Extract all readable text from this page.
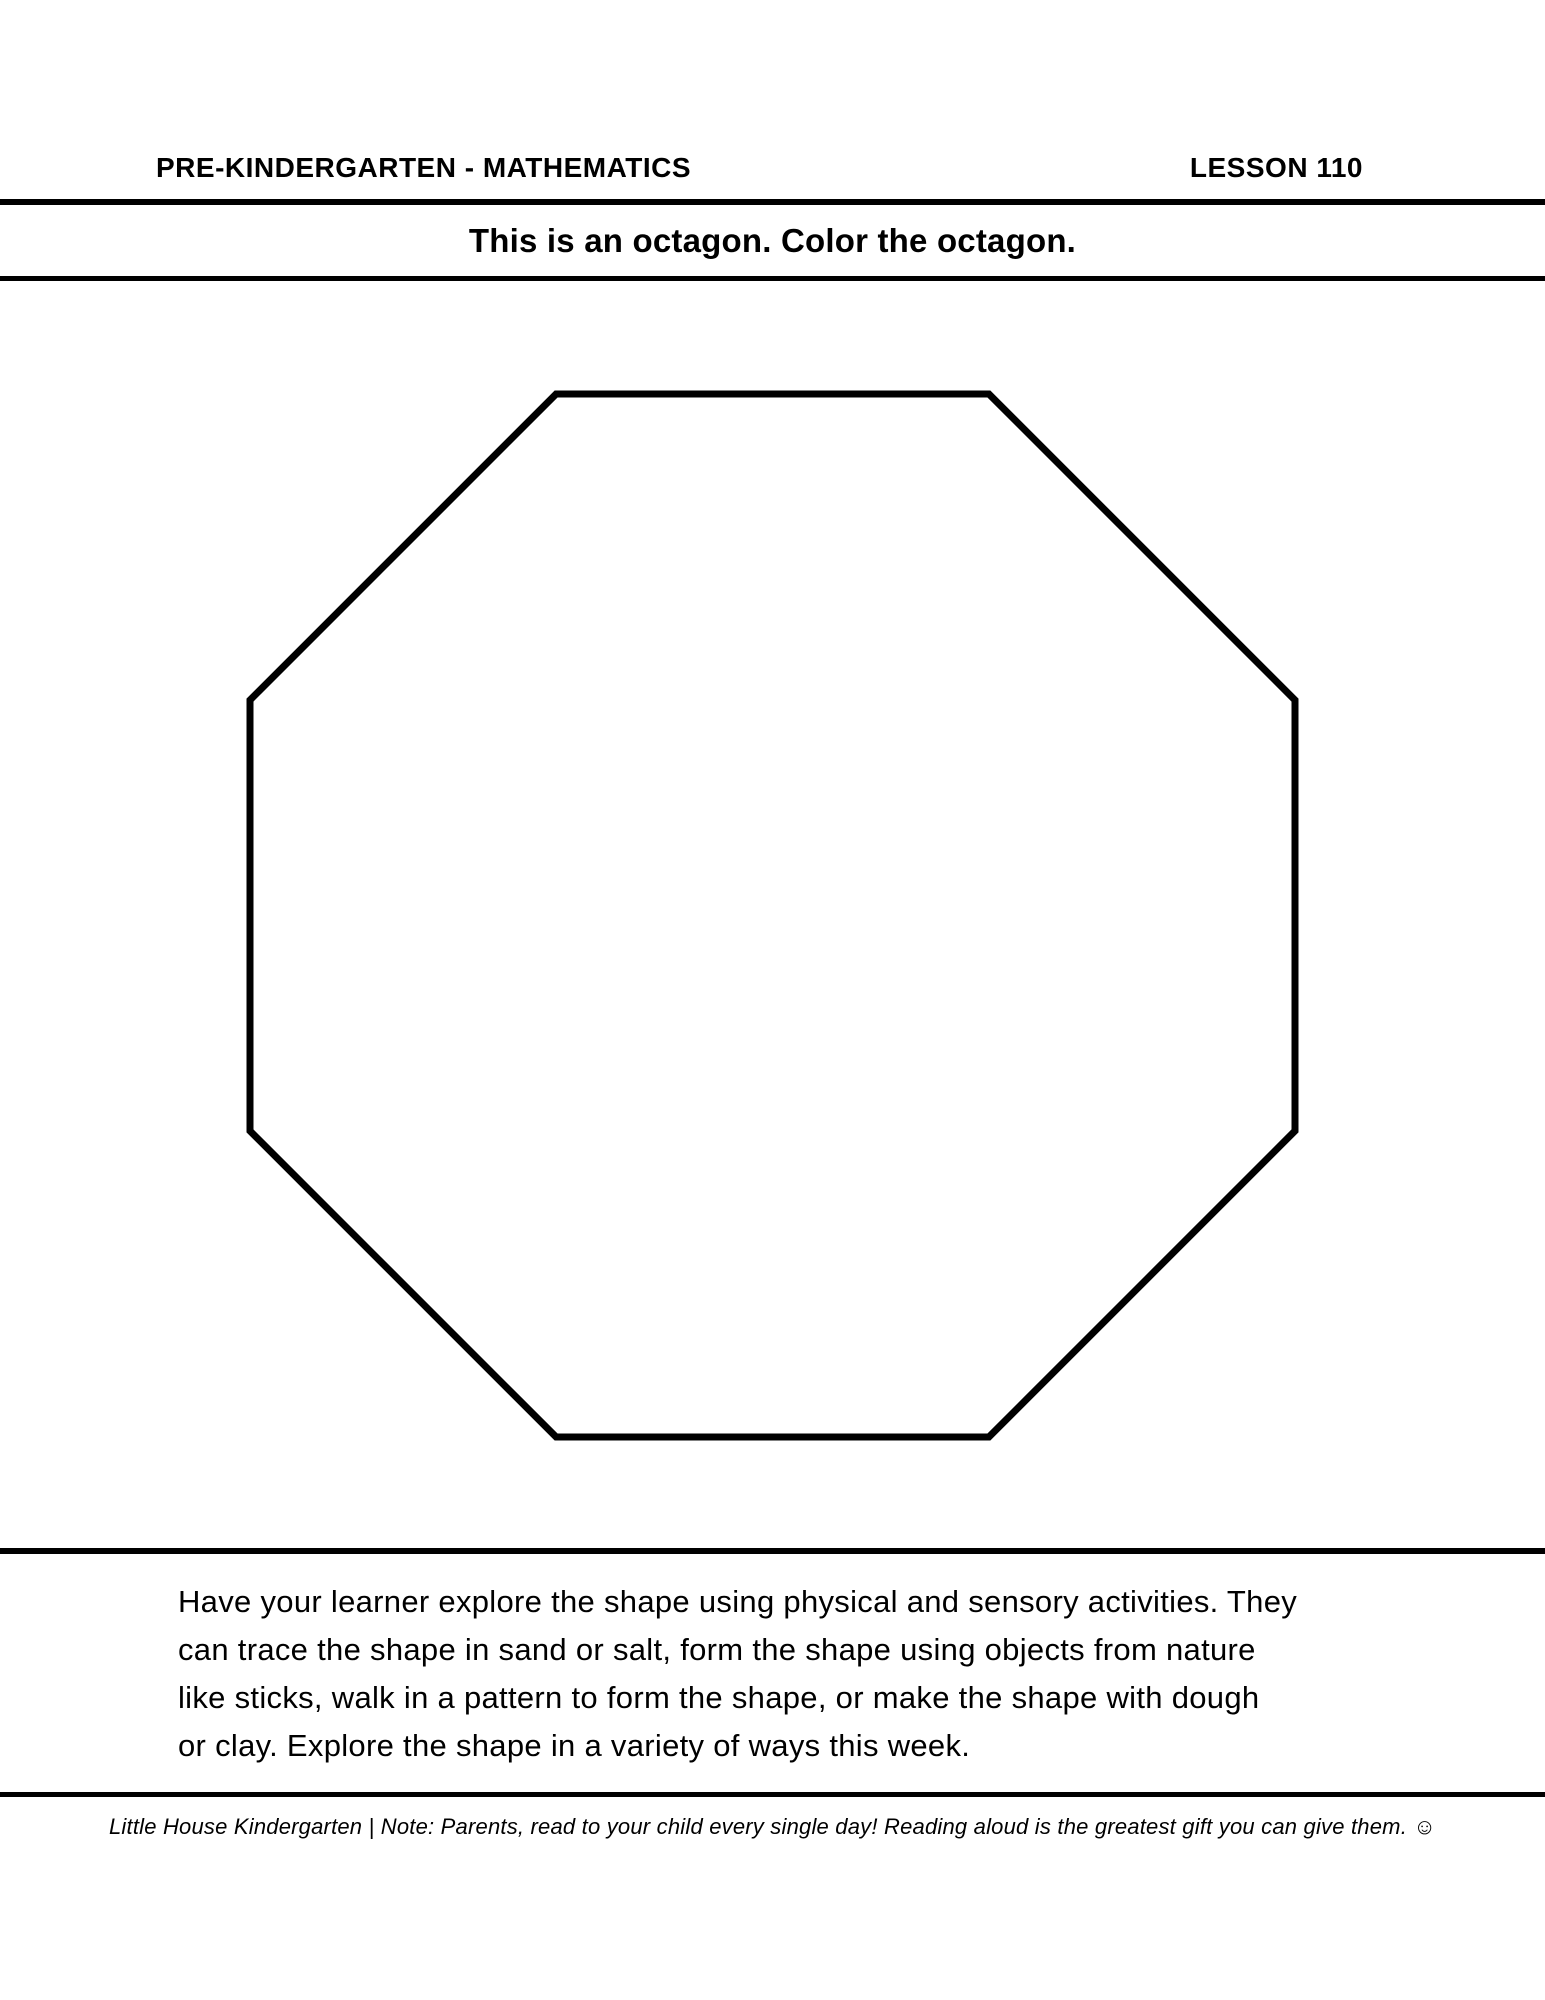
PRE-KINDERGARTEN - MATHEMATICS	LESSON 110
This is an octagon. Color the octagon.
Have your learner explore the shape using physical and sensory activities. They
can trace the shape in sand or salt, form the shape using objects from nature
like sticks, walk in a pattern to form the shape, or make the shape with dough
or clay. Explore the shape in a variety of ways this week.
Little House Kindergarten | Note: Parents, read to your child every single day! Reading aloud is the greatest gift you can give them. ☺
